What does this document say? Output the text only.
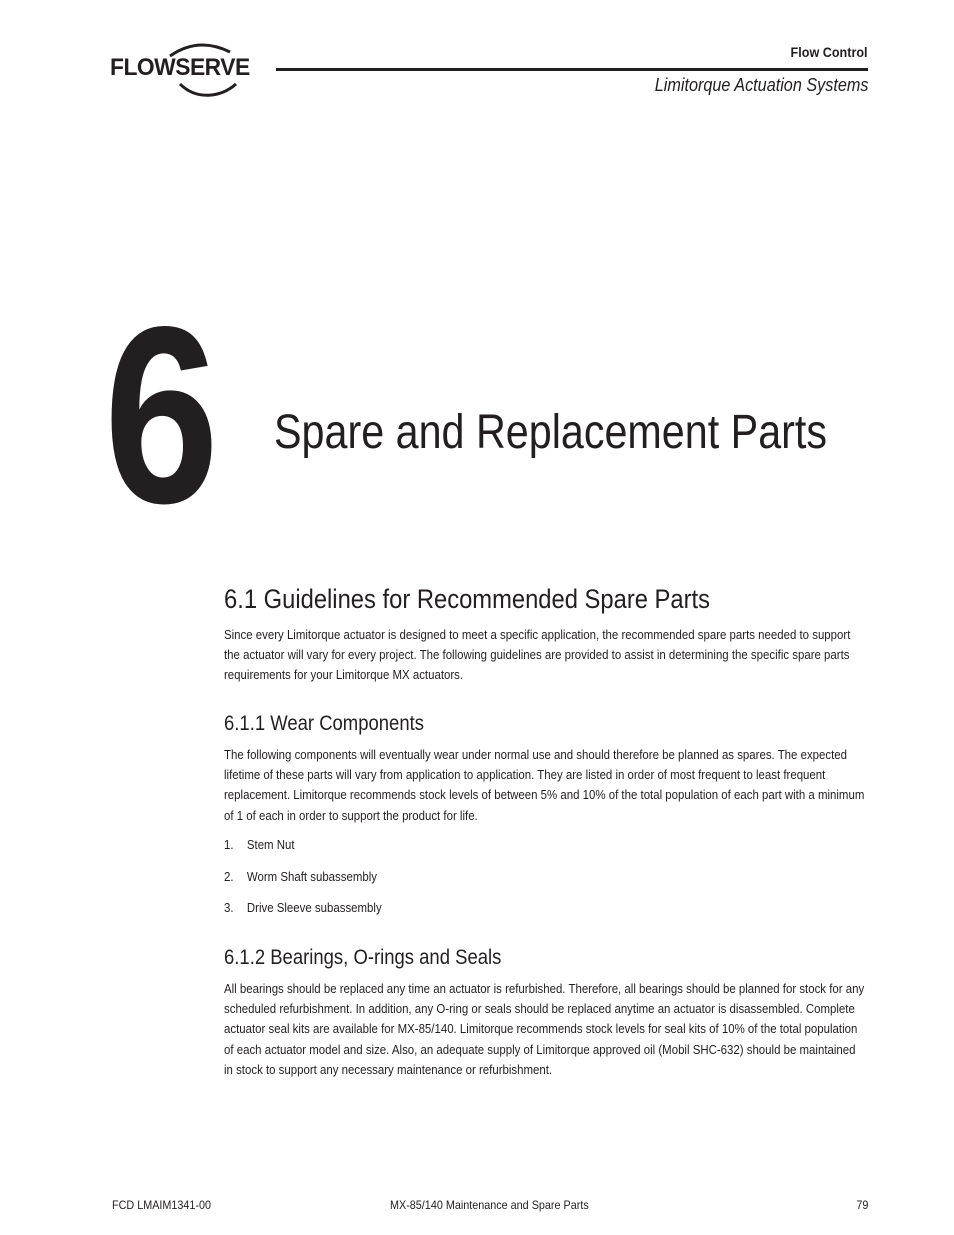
FLOWSERVE
Flow Control
Limitorque Actuation Systems
6 Spare and Replacement Parts
6.1 Guidelines for Recommended Spare Parts

Since every Limitorque actuator is designed to meet a specific application, the recommended spare parts needed to support the actuator will vary for every project. The following guidelines are provided to assist in determining the specific spare parts requirements for your Limitorque MX actuators.

6.1.1 Wear Components

The following components will eventually wear under normal use and should therefore be planned as spares. The expected lifetime of these parts will vary from application to application. They are listed in order of most frequent to least frequent replacement. Limitorque recommends stock levels of between 5% and 10% of the total population of each part with a minimum of 1 of each in order to support the product for life.

1. Stem Nut
2. Worm Shaft subassembly
3. Drive Sleeve subassembly
6.1.2 Bearings, O-rings and Seals

All bearings should be replaced any time an actuator is refurbished. Therefore, all bearings should be planned for stock for any scheduled refurbishment. In addition, any O-ring or seals should be replaced anytime an actuator is disassembled. Complete actuator seal kits are available for MX-85/140. Limitorque recommends stock levels for seal kits of 10% of the total population of each actuator model and size. Also, an adequate supply of Limitorque approved oil (Mobil SHC-632) should be maintained in stock to support any necessary maintenance or refurbishment.

FCD LMAIM1341-00	MX-85/140 Maintenance and Spare Parts	79
